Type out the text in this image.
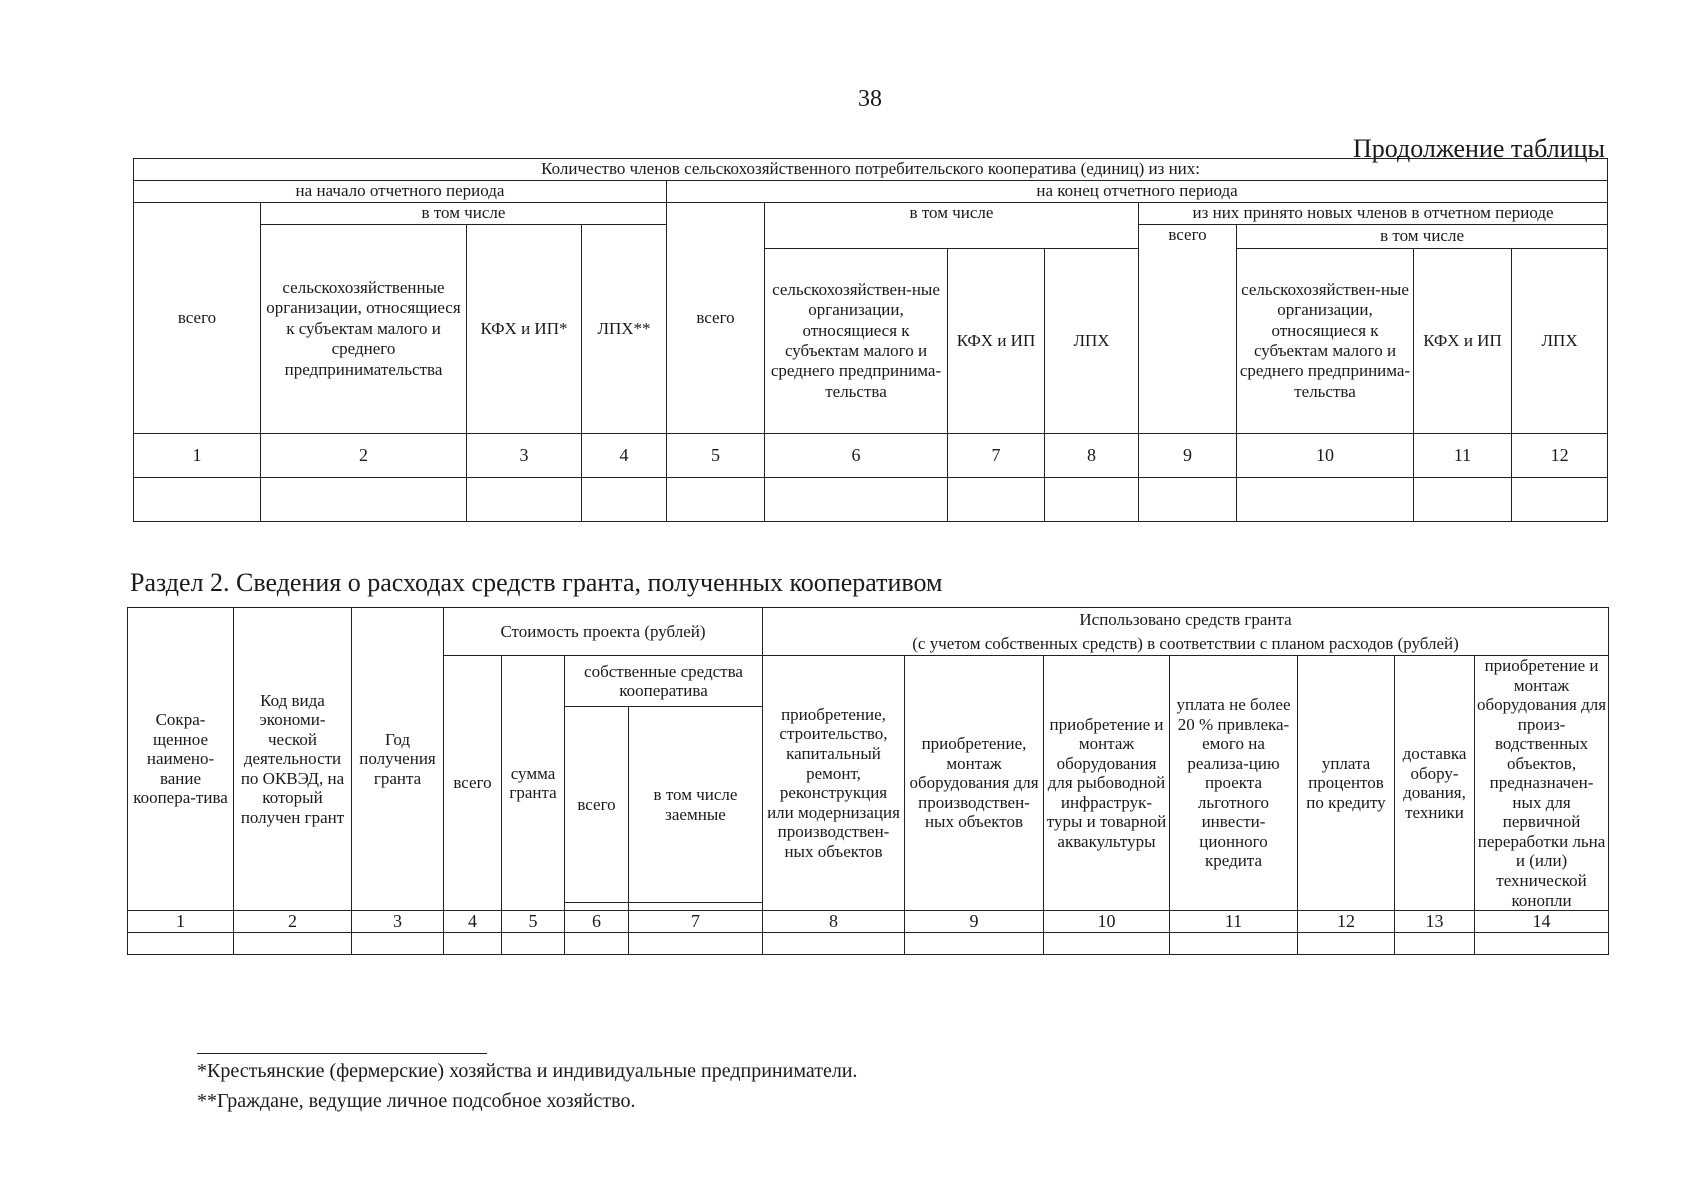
38
Продолжение таблицы
Количество членов сельскохозяйственного потребительского кооператива (единиц) из них:											
на начало отчетного периода				на конец отчетного периода							
всего	в том числе			всего	в том числе			из них принято новых членов в отчетном периоде			
	сельскохозяйственные организации, относящиеся к субъектам малого и среднего предпринимательства	КФХ и ИП*	ЛПХ**					всего	в том числе		
					сельскохозяйствен-ные организации, относящиеся к субъектам малого и среднего предпринима-тельства	КФХ и ИП	ЛПХ		сельскохозяйствен-ные организации, относящиеся к субъектам малого и среднего предпринима-тельства	КФХ и ИП	ЛПХ
1	2	3	4	5	6	7	8	9	10	11	12

Раздел 2. Сведения о расходах средств гранта, полученных кооперативом
Сокра-щенное наимено-вание коопера-тива	Код вида экономи-ческой деятельности по ОКВЭД, на который получен грант	Год получения гранта	Стоимость проекта (рублей)				Использовано средств гранта
(с учетом собственных средств) в соответствии с планом расходов (рублей)						

			всего	сумма гранта	собственные средства кооператива		приобретение, строительство, капитальный ремонт, реконструкция или модернизация производствен-ных объектов	приобретение, монтаж оборудования для производствен-ных объектов	приобретение и монтаж оборудования для рыбоводной инфраструк-туры и товарной аквакультуры	уплата не более 20 % привлека-емого на реализа-цию проекта льготного инвести-ционного кредита	уплата процентов по кредиту	доставка обору-дования, техники	приобретение и монтаж оборудования для произ-водственных объектов, предназначен-ных для первичной переработки льна и (или) технической конопли
					всего	в том числе заемные							

1	2	3	4	5	6	7	8	9	10	11	12	13	14

*Крестьянские (фермерские) хозяйства и индивидуальные предприниматели.
**Граждане, ведущие личное подсобное хозяйство.
